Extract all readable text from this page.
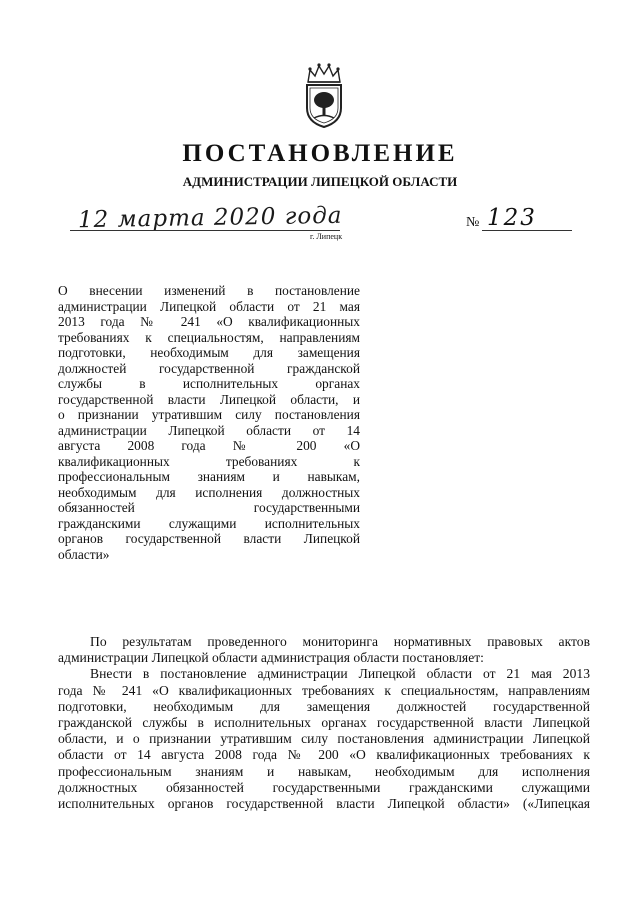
ПОСТАНОВЛЕНИЕ
АДМИНИСТРАЦИИ ЛИПЕЦКОЙ ОБЛАСТИ
12 марта 2020 года
г. Липецк
№ 123
О внесении изменений в постановление
администрации Липецкой области от 21 мая
2013 года № 241 «О квалификационных
требованиях к специальностям, направлениям
подготовки, необходимым для замещения
должностей государственной гражданской
службы в исполнительных органах
государственной власти Липецкой области, и
о признании утратившим силу постановления
администрации Липецкой области от 14
августа 2008 года № 200 «О
квалификационных требованиях к
профессиональным знаниям и навыкам,
необходимым для исполнения должностных
обязанностей государственными
гражданскими служащими исполнительных
органов государственной власти Липецкой
области»
По результатам проведенного мониторинга нормативных правовых актов
администрации Липецкой области администрация области постановляет:
Внести в постановление администрации Липецкой области от 21 мая 2013
года № 241 «О квалификационных требованиях к специальностям, направлениям
подготовки, необходимым для замещения должностей государственной
гражданской службы в исполнительных органах государственной власти Липецкой
области, и о признании утратившим силу постановления администрации Липецкой
области от 14 августа 2008 года № 200 «О квалификационных требованиях к
профессиональным знаниям и навыкам, необходимым для исполнения
должностных обязанностей государственными гражданскими служащими
исполнительных органов государственной власти Липецкой области» («Липецкая
